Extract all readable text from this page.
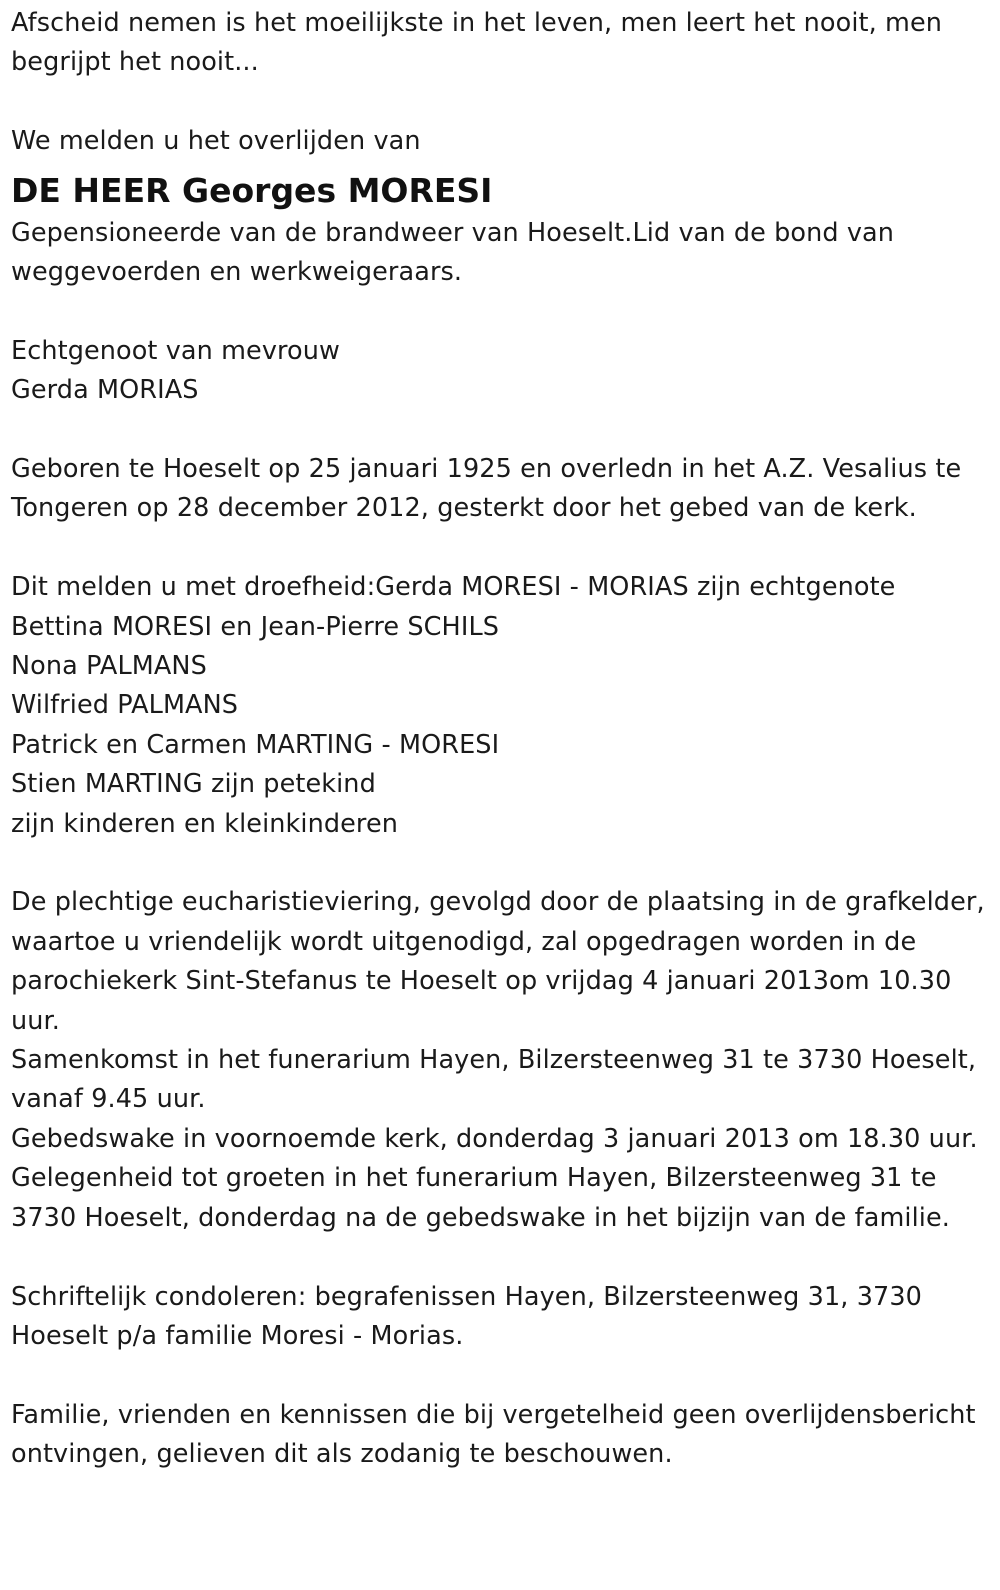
Afscheid nemen is het moeilijkste in het leven, men leert het nooit, men begrijpt het nooit...

We melden u het overlijden van

DE HEER Georges MORESI

Gepensioneerde van de brandweer van Hoeselt.Lid van de bond van weggevoerden en werkweigeraars.

Echtgenoot van mevrouw

Gerda MORIAS

Geboren te Hoeselt op 25 januari 1925 en overledn in het A.Z. Vesalius te Tongeren op 28 december 2012, gesterkt door het gebed van de kerk.

Dit melden u met droefheid:Gerda MORESI - MORIAS zijn echtgenote

Bettina MORESI en Jean-Pierre SCHILS

Nona PALMANS

Wilfried PALMANS

Patrick en Carmen MARTING - MORESI

Stien MARTING zijn petekind

zijn kinderen en kleinkinderen

De plechtige eucharistieviering, gevolgd door de plaatsing in de grafkelder, waartoe u vriendelijk wordt uitgenodigd, zal opgedragen worden in de parochiekerk Sint-Stefanus te Hoeselt op vrijdag 4 januari 2013om 10.30 uur.

Samenkomst in het funerarium Hayen, Bilzersteenweg 31 te 3730 Hoeselt, vanaf 9.45 uur.

Gebedswake in voornoemde kerk, donderdag 3 januari 2013 om 18.30 uur.

Gelegenheid tot groeten in het funerarium Hayen, Bilzersteenweg 31 te 3730 Hoeselt, donderdag na de gebedswake in het bijzijn van de familie.

Schriftelijk condoleren: begrafenissen Hayen, Bilzersteenweg 31, 3730 Hoeselt p/a familie Moresi - Morias.

Familie, vrienden en kennissen die bij vergetelheid geen overlijdensbericht ontvingen, gelieven dit als zodanig te beschouwen.
